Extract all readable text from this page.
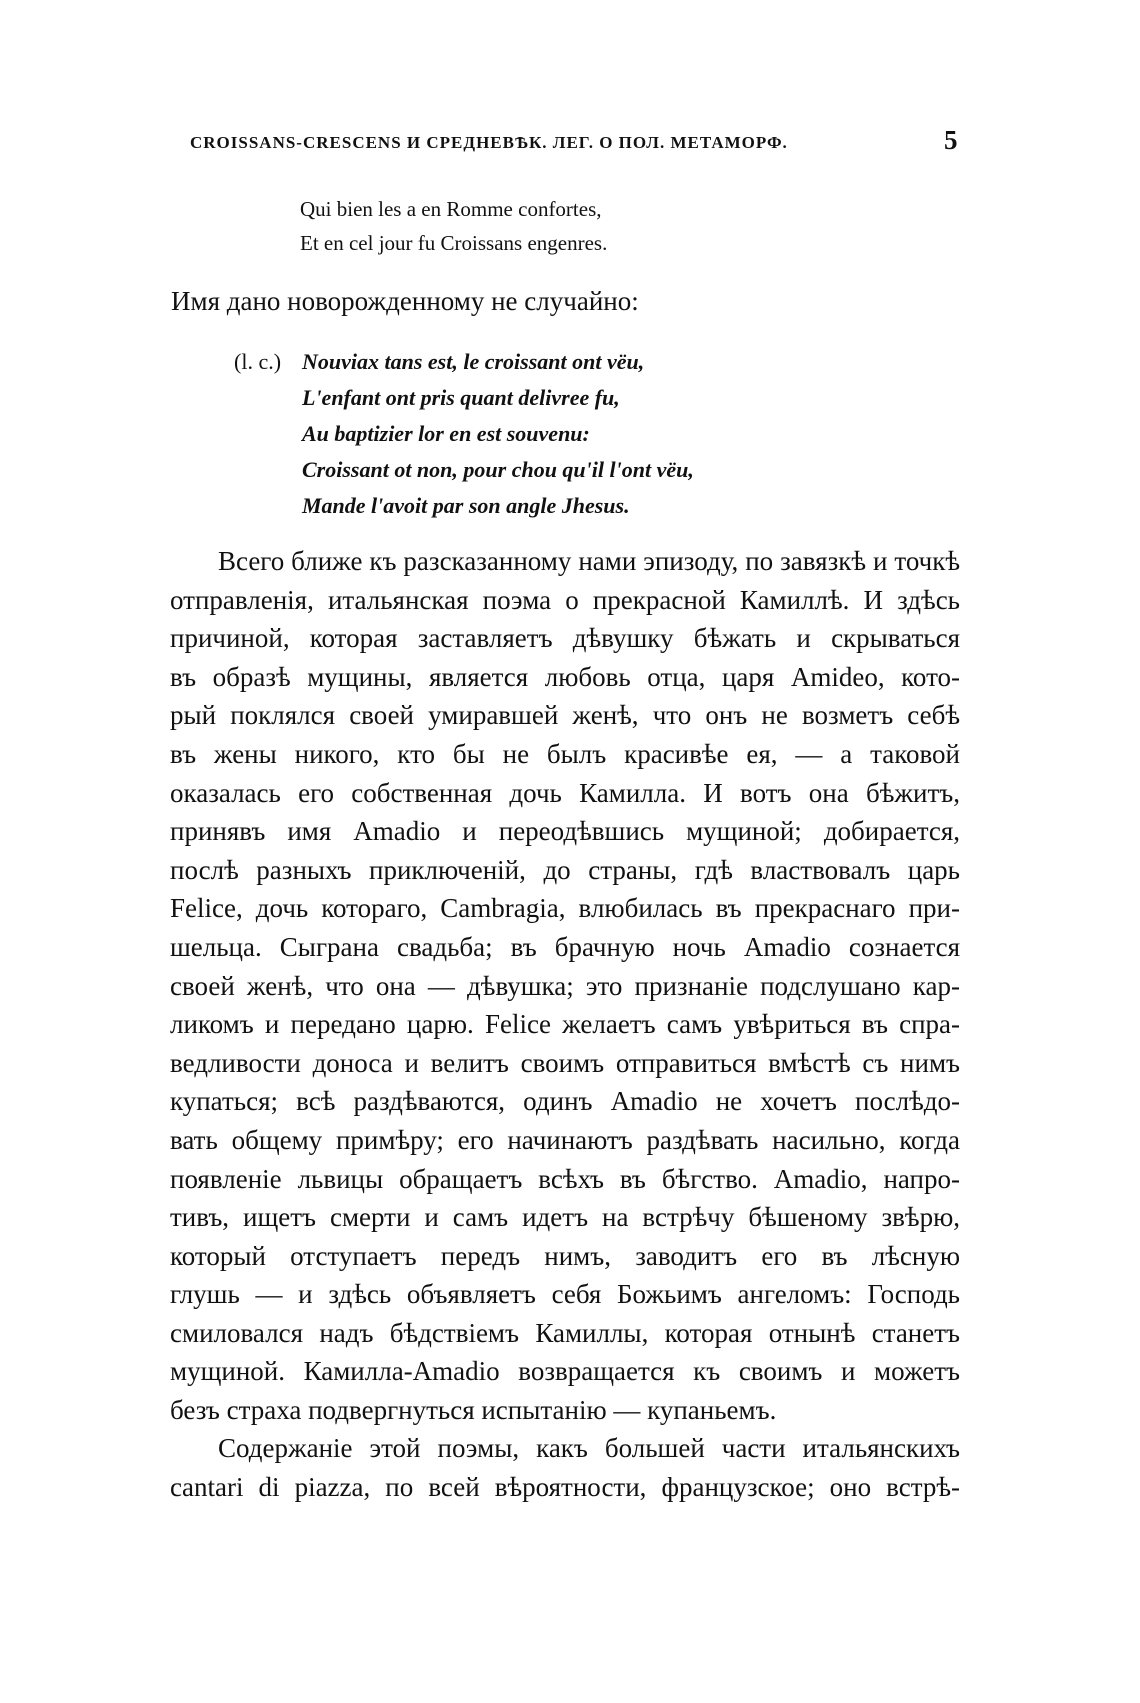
CROISSANS-CRESCENS И СРЕДНЕВѢК. ЛЕГ. О ПОЛ. МЕТАМОРФ.	5
Qui bien les a en Romme confortes,
Et en cel jour fu Croissans engenres.
Имя дано новорожденному не случайно:
(l. c.) Nouviax tans est, le croissant ont vëu,
L'enfant ont pris quant delivree fu,
Au baptizier lor en est souvenu:
Croissant ot non, pour chou qu'il l'ont vëu,
Mande l'avoit par son angle Jhesus.
Всего ближе къ разсказанному нами эпизоду, по завязкѣ и точкѣ
отправленія, итальянская поэма о прекрасной Камиллѣ. И здѣсь
причиной, которая заставляетъ дѣвушку бѣжать и скрываться
въ образѣ мущины, является любовь отца, царя Amideo, кото-
рый поклялся своей умиравшей женѣ, что онъ не возметъ себѣ
въ жены никого, кто бы не былъ красивѣе ея, — а таковой
оказалась его собственная дочь Камилла. И вотъ она бѣжитъ,
принявъ имя Amadio и переодѣвшись мущиной; добирается,
послѣ разныхъ приключеній, до страны, гдѣ властвовалъ царь
Felice, дочь котораго, Cambragia, влюбилась въ прекраснаго при-
шельца. Сыграна свадьба; въ брачную ночь Amadio сознается
своей женѣ, что она — дѣвушка; это признаніе подслушано кар-
ликомъ и передано царю. Felice желаетъ самъ увѣриться въ спра-
ведливости доноса и велитъ своимъ отправиться вмѣстѣ съ нимъ
купаться; всѣ раздѣваются, одинъ Amadio не хочетъ послѣдо-
вать общему примѣру; его начинаютъ раздѣвать насильно, когда
появленіе львицы обращаетъ всѣхъ въ бѣгство. Amadio, напро-
тивъ, ищетъ смерти и самъ идетъ на встрѣчу бѣшеному звѣрю,
который отступаетъ передъ нимъ, заводитъ его въ лѣсную
глушь — и здѣсь объявляетъ себя Божьимъ ангеломъ: Господь
смиловался надъ бѣдствіемъ Камиллы, которая отнынѣ станетъ
мущиной. Камилла-Amadio возвращается къ своимъ и можетъ
безъ страха подвергнуться испытанію — купаньемъ.
Содержаніе этой поэмы, какъ большей части итальянскихъ
cantari di piazza, по всей вѣроятности, французское; оно встрѣ-
